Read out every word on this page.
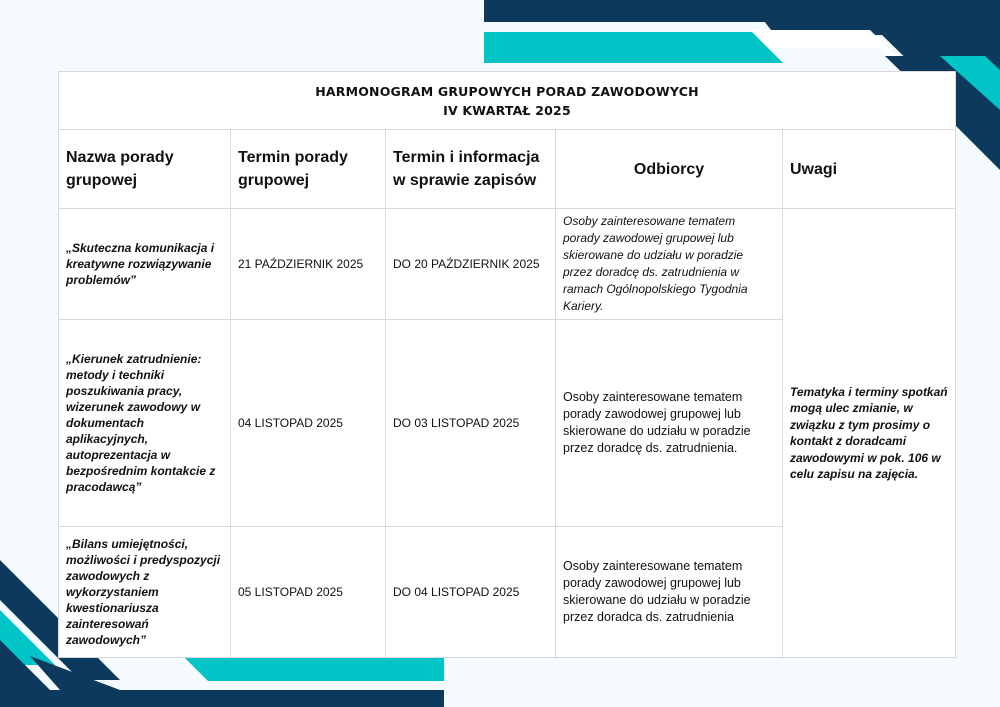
HARMONOGRAM GRUPOWYCH PORAD ZAWODOWYCH
IV KWARTAŁ 2025				

Nazwa porady grupowej	Termin porady grupowej	Termin i informacja w sprawie zapisów	Odbiorcy	Uwagi
„Skuteczna komunikacja i kreatywne rozwiązywanie problemów”	21 PAŹDZIERNIK 2025	DO 20 PAŹDZIERNIK 2025	Osoby zainteresowane tematem porady zawodowej grupowej lub skierowane do udziału w poradzie przez doradcę ds. zatrudnienia w ramach Ogólnopolskiego Tygodnia Kariery.	Tematyka i terminy spotkań mogą ulec zmianie, w związku z tym prosimy o kontakt z doradcami zawodowymi w pok. 106 w celu zapisu na zajęcia.
„Kierunek zatrudnienie: metody i techniki poszukiwania pracy, wizerunek zawodowy w dokumentach aplikacyjnych, autoprezentacja w bezpośrednim kontakcie z pracodawcą”	04 LISTOPAD 2025	DO 03 LISTOPAD 2025	Osoby zainteresowane tematem porady zawodowej grupowej lub skierowane do udziału w poradzie przez doradcę ds. zatrudnienia.	
„Bilans umiejętności, możliwości i predyspozycji zawodowych z wykorzystaniem kwestionariusza zainteresowań zawodowych”	05 LISTOPAD 2025	DO 04 LISTOPAD 2025	Osoby zainteresowane tematem porady zawodowej grupowej lub skierowane do udziału w poradzie przez doradca ds. zatrudnienia	
